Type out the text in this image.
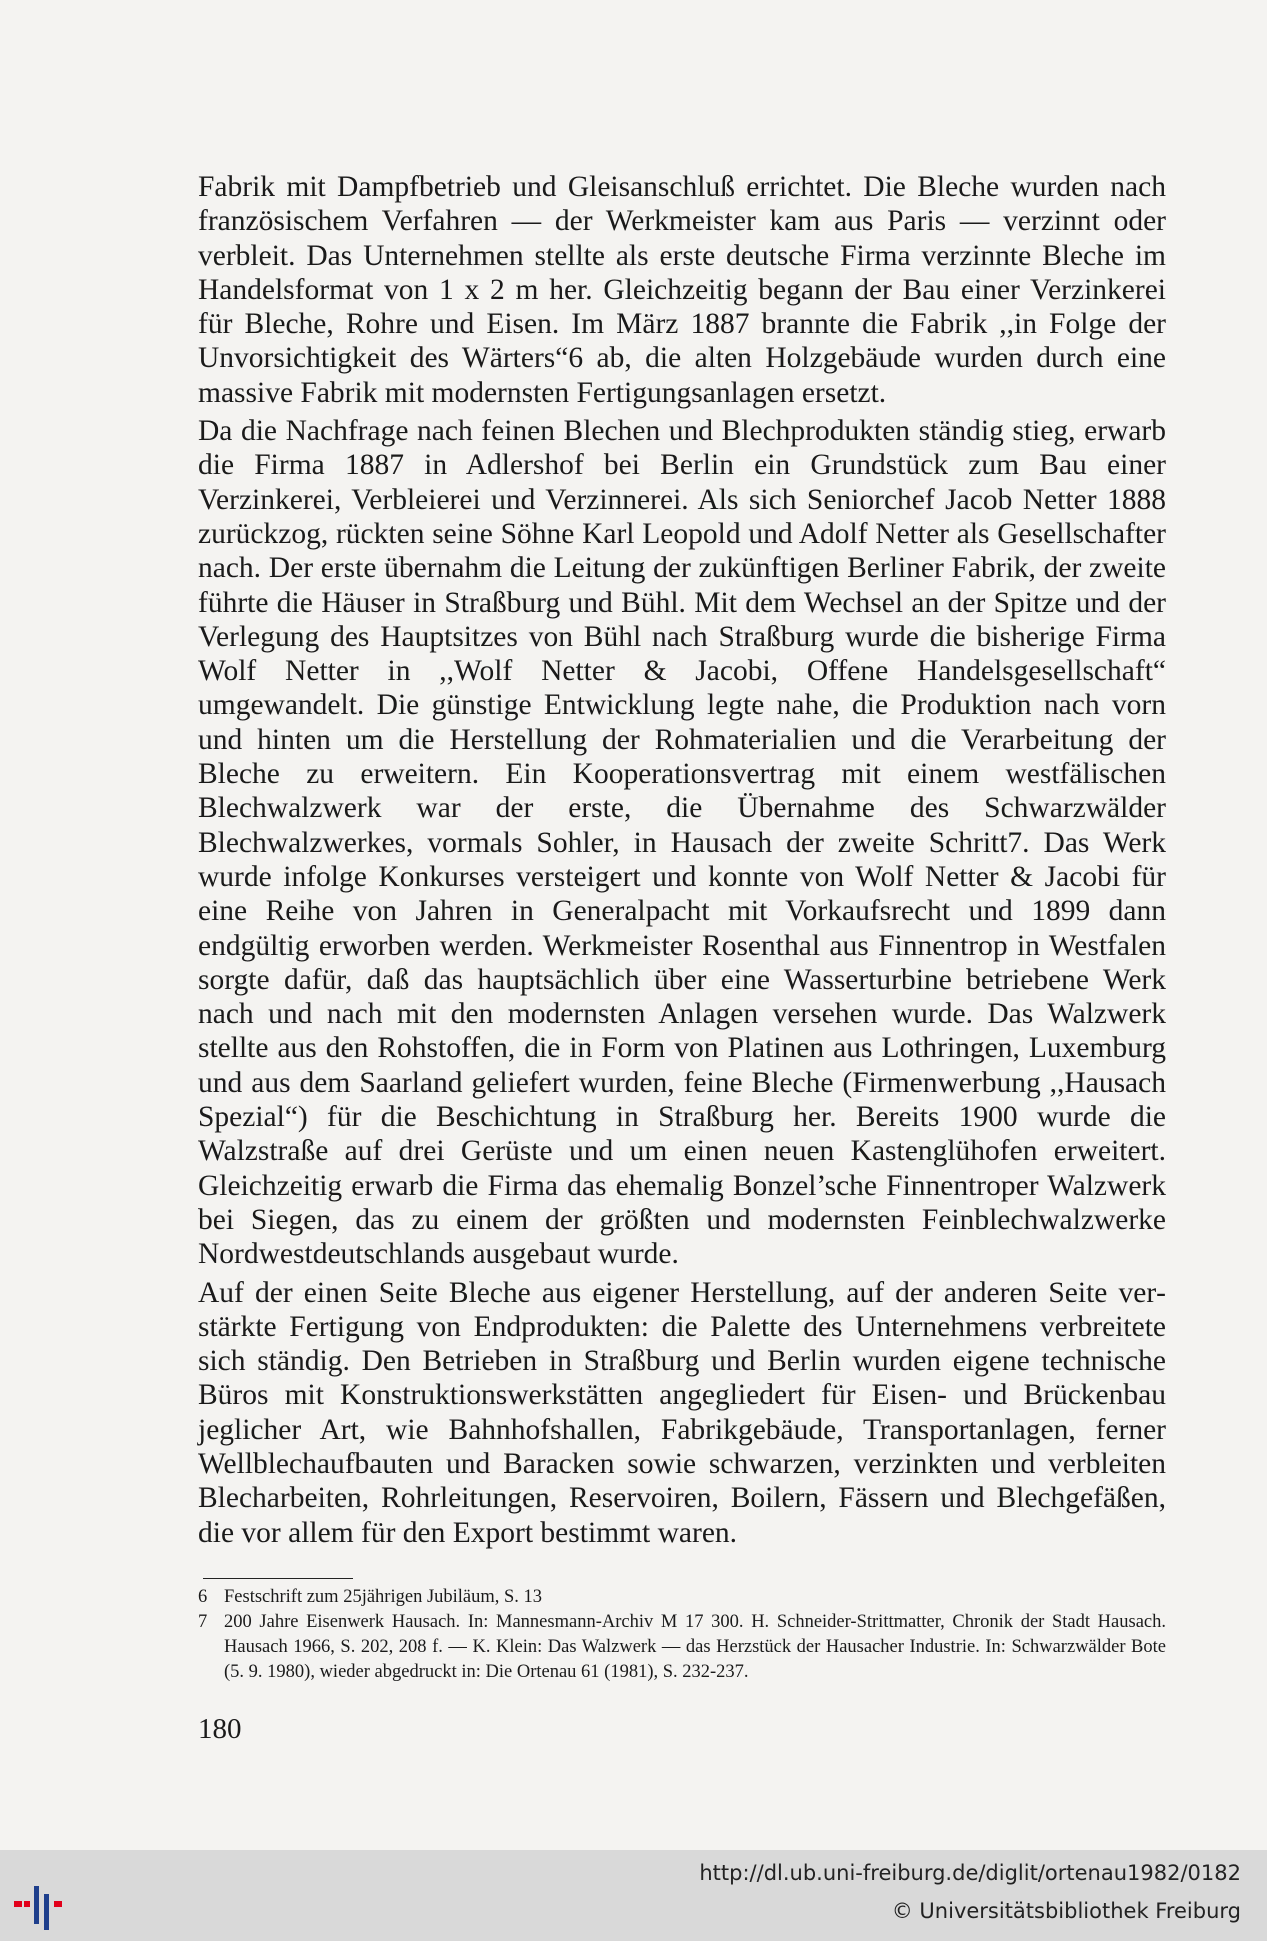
Fabrik mit Dampfbetrieb und Gleisanschluß errichtet. Die Bleche wurden nach französischem Verfahren — der Werkmeister kam aus Paris — verzinnt oder verbleit. Das Unternehmen stellte als erste deutsche Firma verzinnte Bleche im Handelsformat von 1 x 2 m her. Gleichzeitig begann der Bau einer Verzinkerei für Bleche, Rohre und Eisen. Im März 1887 brannte die Fabrik ,,in Folge der Unvorsichtigkeit des Wärters“6 ab, die alten Holzgebäude wurden durch eine massive Fabrik mit modernsten Fertigungsanlagen ersetzt.

Da die Nachfrage nach feinen Blechen und Blechprodukten ständig stieg, erwarb die Firma 1887 in Adlershof bei Berlin ein Grundstück zum Bau einer Verzinkerei, Verbleierei und Verzinnerei. Als sich Seniorchef Jacob Netter 1888 zurückzog, rückten seine Söhne Karl Leopold und Adolf Netter als Gesellschafter nach. Der erste übernahm die Leitung der zukünftigen Berliner Fabrik, der zweite führte die Häuser in Straßburg und Bühl. Mit dem Wechsel an der Spitze und der Verlegung des Hauptsitzes von Bühl nach Straßburg wurde die bisherige Firma Wolf Netter in ,,Wolf Netter & Jacobi, Offene Handelsgesellschaft“ umgewandelt. Die günstige Entwicklung legte nahe, die Produktion nach vorn und hinten um die Herstellung der Rohmaterialien und die Verarbeitung der Bleche zu erweitern. Ein Kooperationsvertrag mit einem westfälischen Blechwalzwerk war der erste, die Übernahme des Schwarzwälder Blechwalzwerkes, vormals Sohler, in Hausach der zweite Schritt7. Das Werk wurde infolge Konkurses versteigert und konnte von Wolf Netter & Jacobi für eine Reihe von Jahren in Generalpacht mit Vorkaufsrecht und 1899 dann endgültig erworben werden. Werkmeister Rosenthal aus Finnentrop in Westfalen sorgte dafür, daß das hauptsächlich über eine Wasserturbine betriebene Werk nach und nach mit den modernsten Anlagen versehen wurde. Das Walzwerk stellte aus den Rohstoffen, die in Form von Platinen aus Lothringen, Luxemburg und aus dem Saarland geliefert wurden, feine Bleche (Firmenwerbung ,,Hausach Spezial“) für die Beschichtung in Straßburg her. Bereits 1900 wurde die Walzstraße auf drei Gerüste und um einen neuen Kastenglühofen erweitert. Gleichzeitig erwarb die Firma das ehemalig Bonzel’sche Finnentroper Walzwerk bei Siegen, das zu einem der größten und modernsten Feinblechwalzwerke Nordwestdeutschlands ausgebaut wurde.

Auf der einen Seite Bleche aus eigener Herstellung, auf der anderen Seite verstärkte Fertigung von Endprodukten: die Palette des Unternehmens verbreitete sich ständig. Den Betrieben in Straßburg und Berlin wurden eigene technische Büros mit Konstruktionswerkstätten angegliedert für Eisen- und Brückenbau jeglicher Art, wie Bahnhofshallen, Fabrikgebäude, Transportanlagen, ferner Wellblechaufbauten und Baracken sowie schwarzen, verzinkten und verbleiten Blecharbeiten, Rohrleitungen, Reservoiren, Boilern, Fässern und Blechgefäßen, die vor allem für den Export bestimmt waren.

6 Festschrift zum 25jährigen Jubiläum, S. 13
7 200 Jahre Eisenwerk Hausach. In: Mannesmann-Archiv M 17 300. H. Schneider-Strittmatter, Chronik der Stadt Hausach. Hausach 1966, S. 202, 208 f. — K. Klein: Das Walzwerk — das Herzstück der Hausacher Industrie. In: Schwarzwälder Bote (5. 9. 1980), wieder abgedruckt in: Die Ortenau 61 (1981), S. 232-237.
180
http://dl.ub.uni-freiburg.de/diglit/ortenau1982/0182
© Universitätsbibliothek Freiburg
